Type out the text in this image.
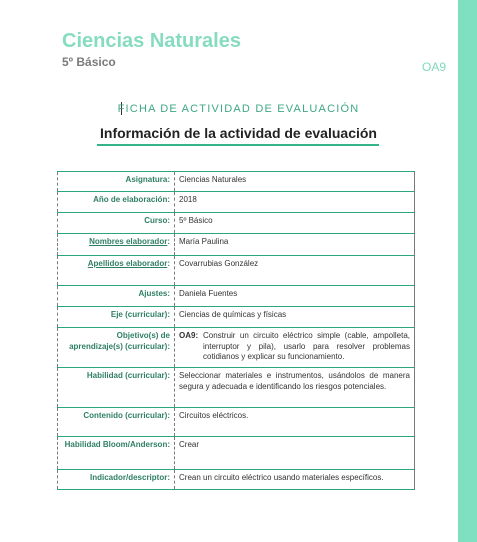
Ciencias Naturales
5º Básico	OA9
FICHA DE ACTIVIDAD DE EVALUACIÓN
Información de la actividad de evaluación
Asignatura:	Ciencias Naturales
Año de elaboración:	2018
Curso:	5º Básico
Nombres elaborador:	María Paulina
Apellidos elaborador:	Covarrubias González
Ajustes:	Daniela Fuentes
Eje (curricular):	Ciencias de químicas y físicas
Objetivo(s) de aprendizaje(s) (curricular):	OA9: Construir un circuito eléctrico simple (cable, ampolleta, interruptor y pila), usarlo para resolver problemas cotidianos y explicar su funcionamiento.

Habilidad (curricular):	Seleccionar materiales e instrumentos, usándolos de manera segura y adecuada e identificando los riesgos potenciales.
Contenido (curricular):	Circuitos eléctricos.
Habilidad Bloom/Anderson:	Crear
Indicador/descriptor:	Crean un circuito eléctrico usando materiales específicos.
